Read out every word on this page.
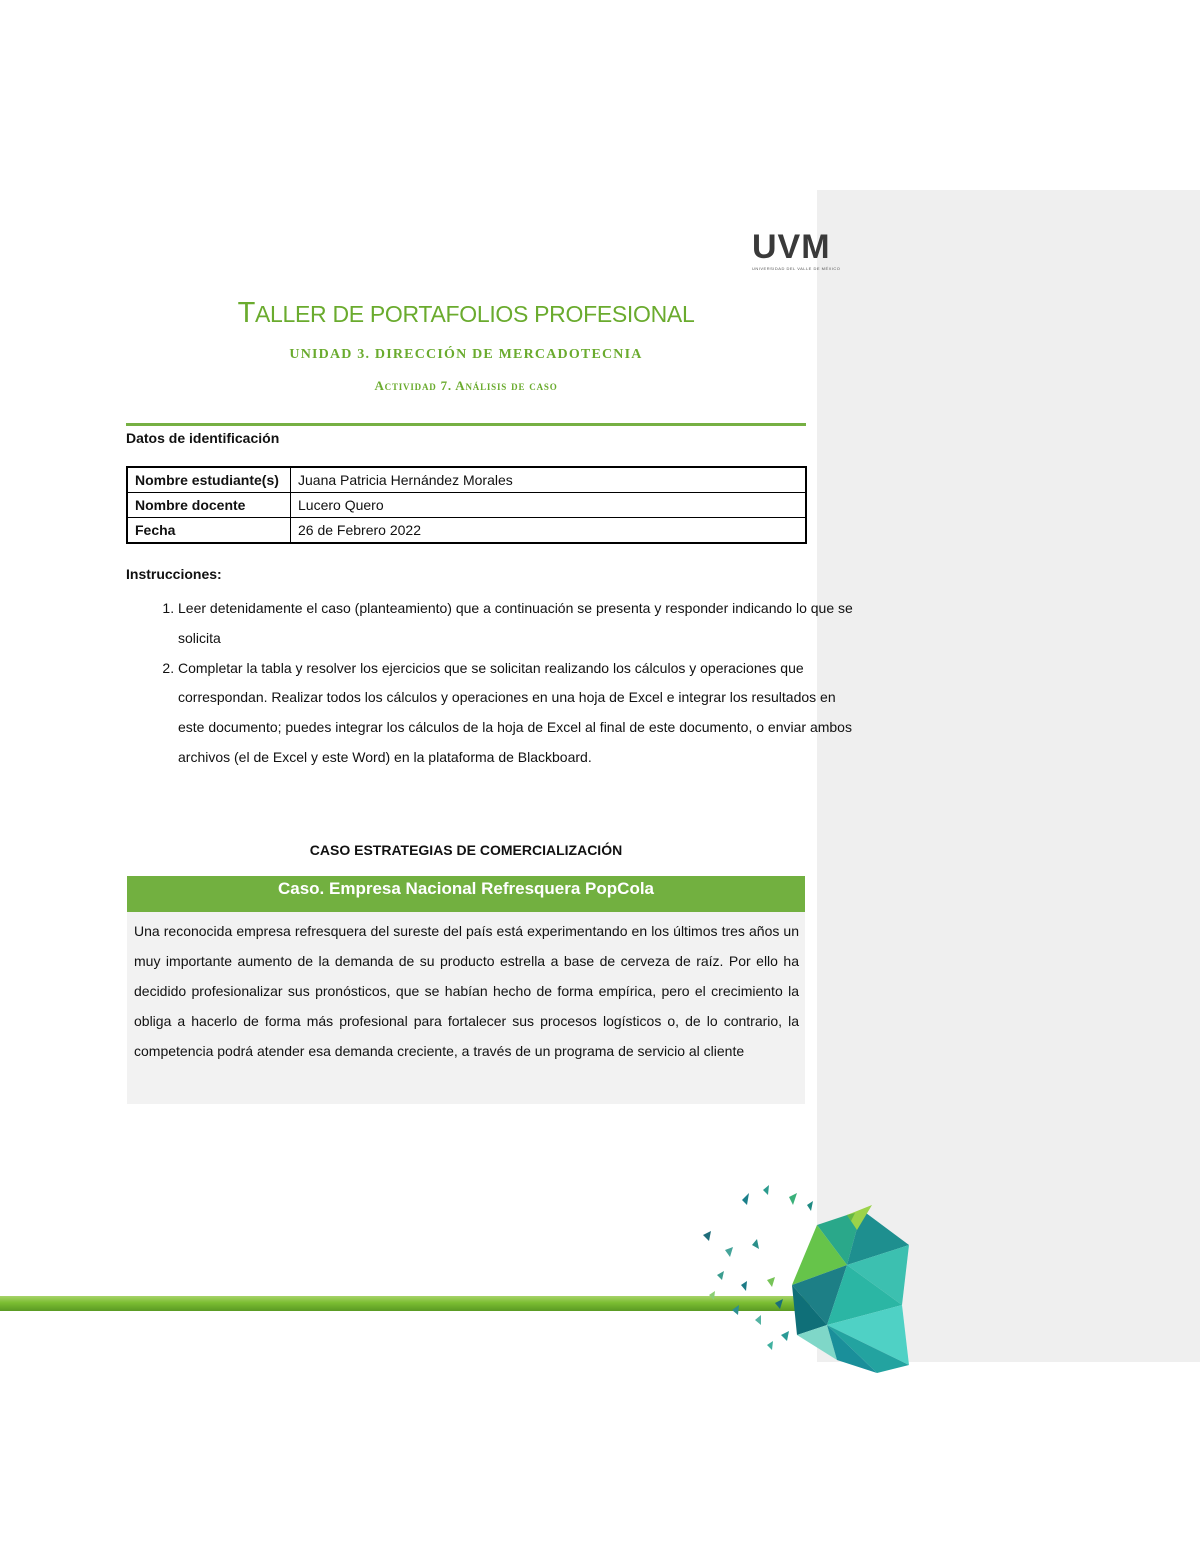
UVM
UNIVERSIDAD DEL VALLE DE MÉXICO
TALLER DE PORTAFOLIOS PROFESIONAL
UNIDAD 3. DIRECCIÓN DE MERCADOTECNIA
Actividad 7. Análisis de caso
Datos de identificación
Nombre estudiante(s)	Juana Patricia Hernández Morales
Nombre docente	Lucero Quero
Fecha	26 de Febrero 2022
Instrucciones:
1. Leer detenidamente el caso (planteamiento) que a continuación se presenta y responder indicando lo que se solicita
2. Completar la tabla y resolver los ejercicios que se solicitan realizando los cálculos y operaciones que correspondan. Realizar todos los cálculos y operaciones en una hoja de Excel e integrar los resultados en este documento; puedes integrar los cálculos de la hoja de Excel al final de este documento, o enviar ambos archivos (el de Excel y este Word) en la plataforma de Blackboard.
CASO ESTRATEGIAS DE COMERCIALIZACIÓN
Caso. Empresa Nacional Refresquera PopCola
Una reconocida empresa refresquera del sureste del país está experimentando en los últimos tres años un muy importante aumento de la demanda de su producto estrella a base de cerveza de raíz. Por ello ha decidido profesionalizar sus pronósticos, que se habían hecho de forma empírica, pero el crecimiento la obliga a hacerlo de forma más profesional para fortalecer sus procesos logísticos o, de lo contrario, la competencia podrá atender esa demanda creciente, a través de un programa de servicio al cliente
